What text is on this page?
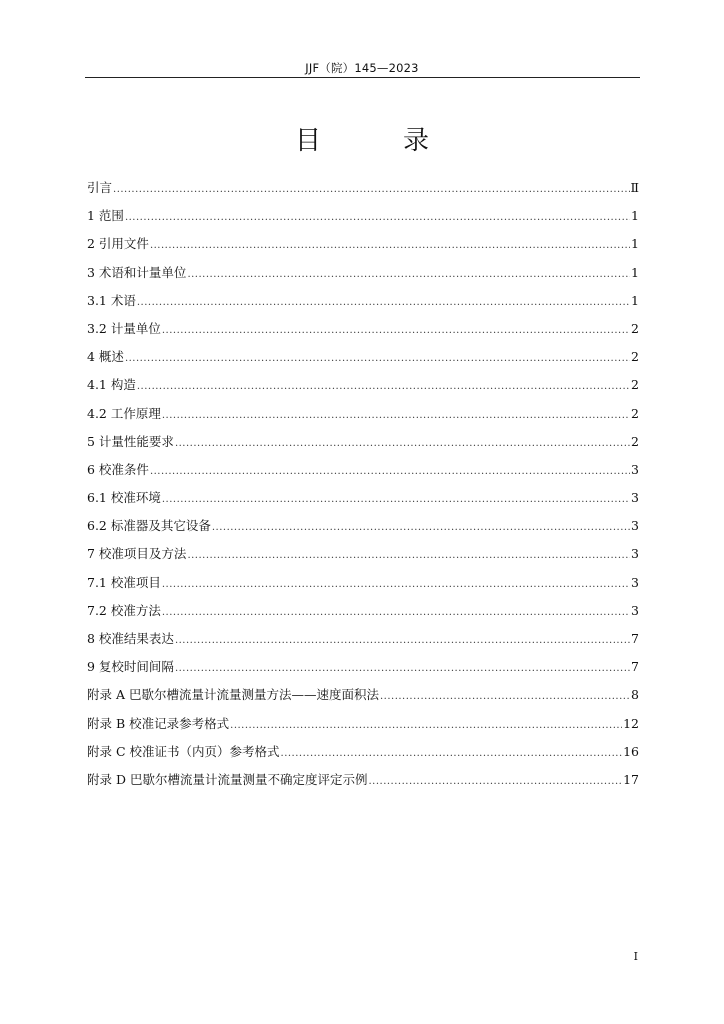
JJF（院）145—2023
目　录
引言 .....	Ⅱ
1 范围 .....	1
2 引用文件 .....	1
3 术语和计量单位 .....	1
3.1 术语 .....	1
3.2 计量单位 .....	2
4 概述 .....	2
4.1 构造 .....	2
4.2 工作原理 .....	2
5 计量性能要求 .....	2
6 校准条件 .....	3
6.1 校准环境 .....	3
6.2 标准器及其它设备 .....	3
7 校准项目及方法 .....	3
7.1 校准项目 .....	3
7.2 校准方法 .....	3
8 校准结果表达 .....	7
9 复校时间间隔 .....	7
附录 A 巴歇尔槽流量计流量测量方法——速度面积法 .....	8
附录 B 校准记录参考格式 .....	12
附录 C 校准证书（内页）参考格式 .....	16
附录 D 巴歇尔槽流量计流量测量不确定度评定示例 .....	17
I
